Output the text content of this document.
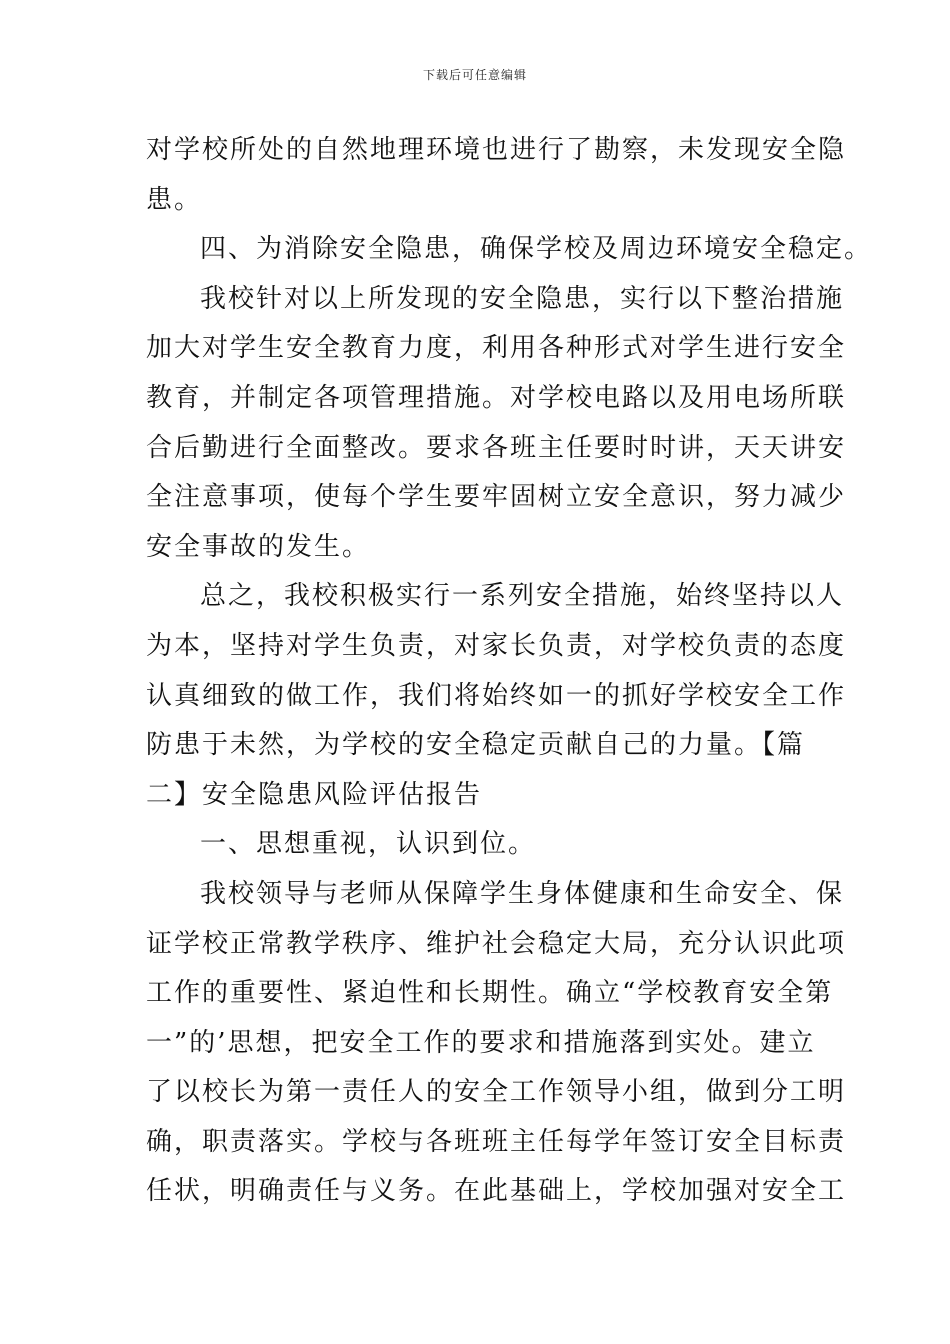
下载后可任意编辑
对学校所处的自然地理环境也进行了勘察，未发现安全隐
患。
四、为消除安全隐患，确保学校及周边环境安全稳定。
我校针对以上所发现的安全隐患，实行以下整治措施
加大对学生安全教育力度，利用各种形式对学生进行安全
教育，并制定各项管理措施。对学校电路以及用电场所联
合后勤进行全面整改。要求各班主任要时时讲，天天讲安
全注意事项，使每个学生要牢固树立安全意识，努力减少
安全事故的发生。
总之，我校积极实行一系列安全措施，始终坚持以人
为本，坚持对学生负责，对家长负责，对学校负责的态度
认真细致的做工作，我们将始终如一的抓好学校安全工作
防患于未然，为学校的安全稳定贡献自己的力量。【篇
二】安全隐患风险评估报告
一、思想重视，认识到位。
我校领导与老师从保障学生身体健康和生命安全、保
证学校正常教学秩序、维护社会稳定大局，充分认识此项
工作的重要性、紧迫性和长期性。确立“学校教育安全第
一”的’思想，把安全工作的要求和措施落到实处。建立
了以校长为第一责任人的安全工作领导小组，做到分工明
确，职责落实。学校与各班班主任每学年签订安全目标责
任状，明确责任与义务。在此基础上，学校加强对安全工
